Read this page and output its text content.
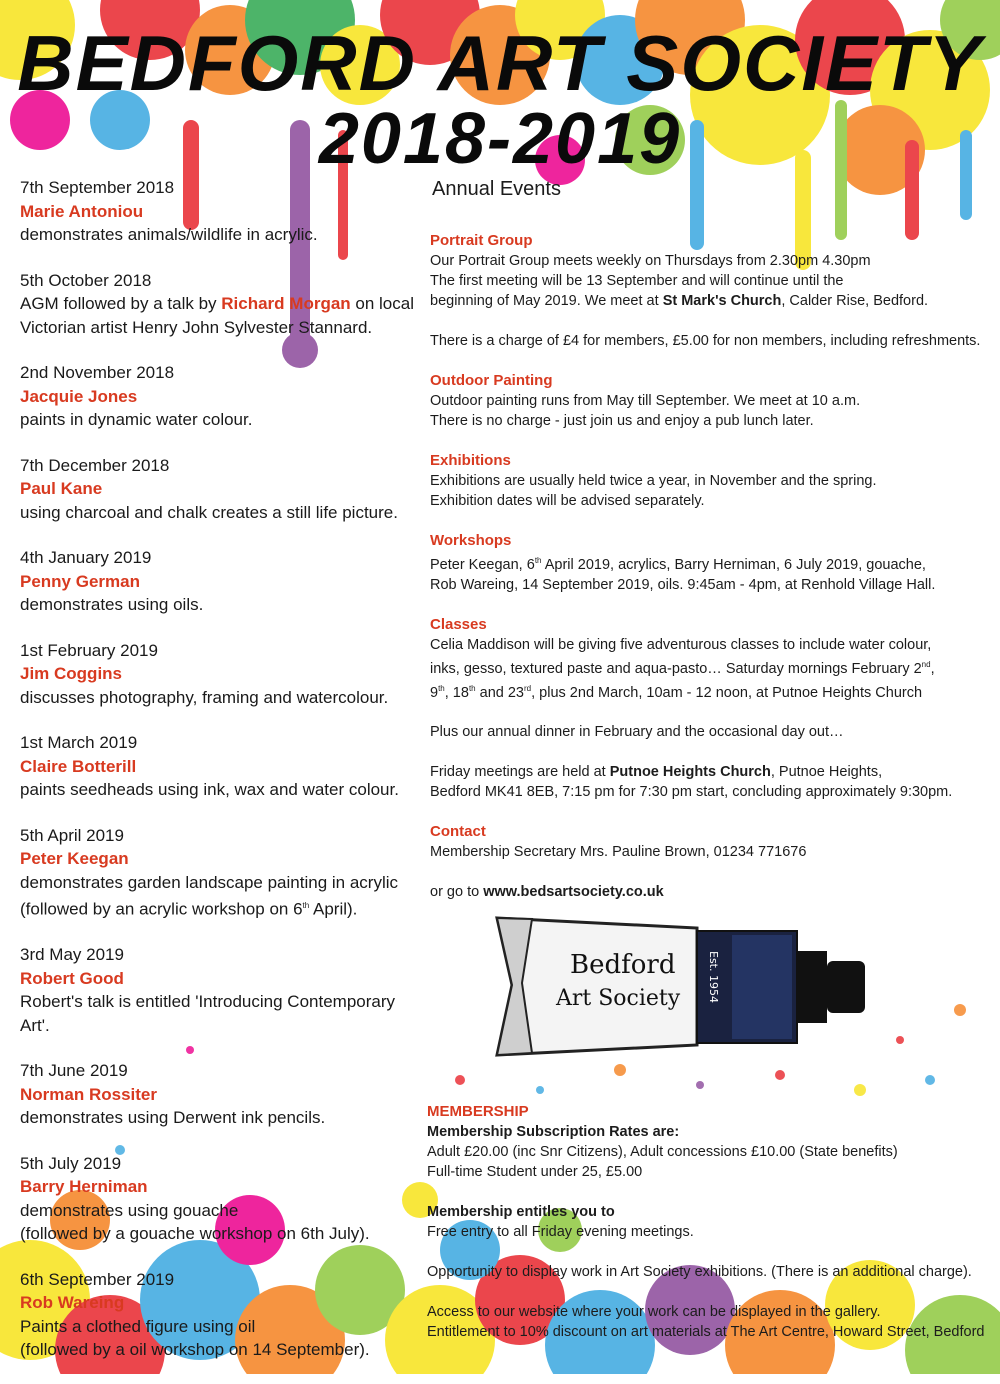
BEDFORD ART SOCIETY
2018-2019
7th September 2018
Marie Antoniou
demonstrates animals/wildlife in acrylic.
5th October 2018
AGM followed by a talk by Richard Morgan on local
Victorian artist Henry John Sylvester Stannard.
2nd November 2018
Jacquie Jones
paints in dynamic water colour.
7th December 2018
Paul Kane
using charcoal and chalk creates a still life picture.
4th January 2019
Penny German
demonstrates using oils.
1st February 2019
Jim Coggins
discusses photography, framing and watercolour.
1st March 2019
Claire Botterill
paints seedheads using ink, wax and water colour.
5th April 2019
Peter Keegan
demonstrates garden landscape painting in acrylic
(followed by an acrylic workshop on 6th April).
3rd May 2019
Robert Good
Robert's talk is entitled 'Introducing Contemporary Art'.
7th June 2019
Norman Rossiter
demonstrates using Derwent ink pencils.
5th July 2019
Barry Herniman
demonstrates using gouache
(followed by a gouache workshop on 6th July).
6th September 2019
Rob Wareing
Paints a clothed figure using oil
(followed by a oil workshop on 14 September).
Annual Events
Portrait Group
Our Portrait Group meets weekly on Thursdays from 2.30pm 4.30pm
The first meeting will be 13 September and will continue until the
beginning of May 2019. We meet at St Mark's Church, Calder Rise, Bedford.
There is a charge of £4 for members, £5.00 for non members, including refreshments.
Outdoor Painting
Outdoor painting runs from May till September. We meet at 10 a.m.
There is no charge - just join us and enjoy a pub lunch later.
Exhibitions
Exhibitions are usually held twice a year, in November and the spring.
Exhibition dates will be advised separately.
Workshops
Peter Keegan, 6th April 2019, acrylics, Barry Herniman, 6 July 2019, gouache,
Rob Wareing, 14 September 2019, oils. 9:45am - 4pm, at Renhold Village Hall.
Classes
Celia Maddison will be giving five adventurous classes to include water colour,
inks, gesso, textured paste and aqua-pasto… Saturday mornings February 2nd,
9th, 18th and 23rd, plus 2nd March, 10am - 12 noon, at Putnoe Heights Church
Plus our annual dinner in February and the occasional day out…
Friday meetings are held at Putnoe Heights Church, Putnoe Heights,
Bedford MK41 8EB, 7:15 pm for 7:30 pm start, concluding approximately 9:30pm.
Contact
Membership Secretary Mrs. Pauline Brown, 01234 771676
or go to www.bedsartsociety.co.uk
Bedford
Art Society Est. 1954
MEMBERSHIP
Membership Subscription Rates are:
Adult £20.00 (inc Snr Citizens), Adult concessions £10.00 (State benefits)
Full-time Student under 25, £5.00
Membership entitles you to
Free entry to all Friday evening meetings.
Opportunity to display work in Art Society exhibitions. (There is an additional charge).
Access to our website where your work can be displayed in the gallery.
Entitlement to 10% discount on art materials at The Art Centre, Howard Street, Bedford
